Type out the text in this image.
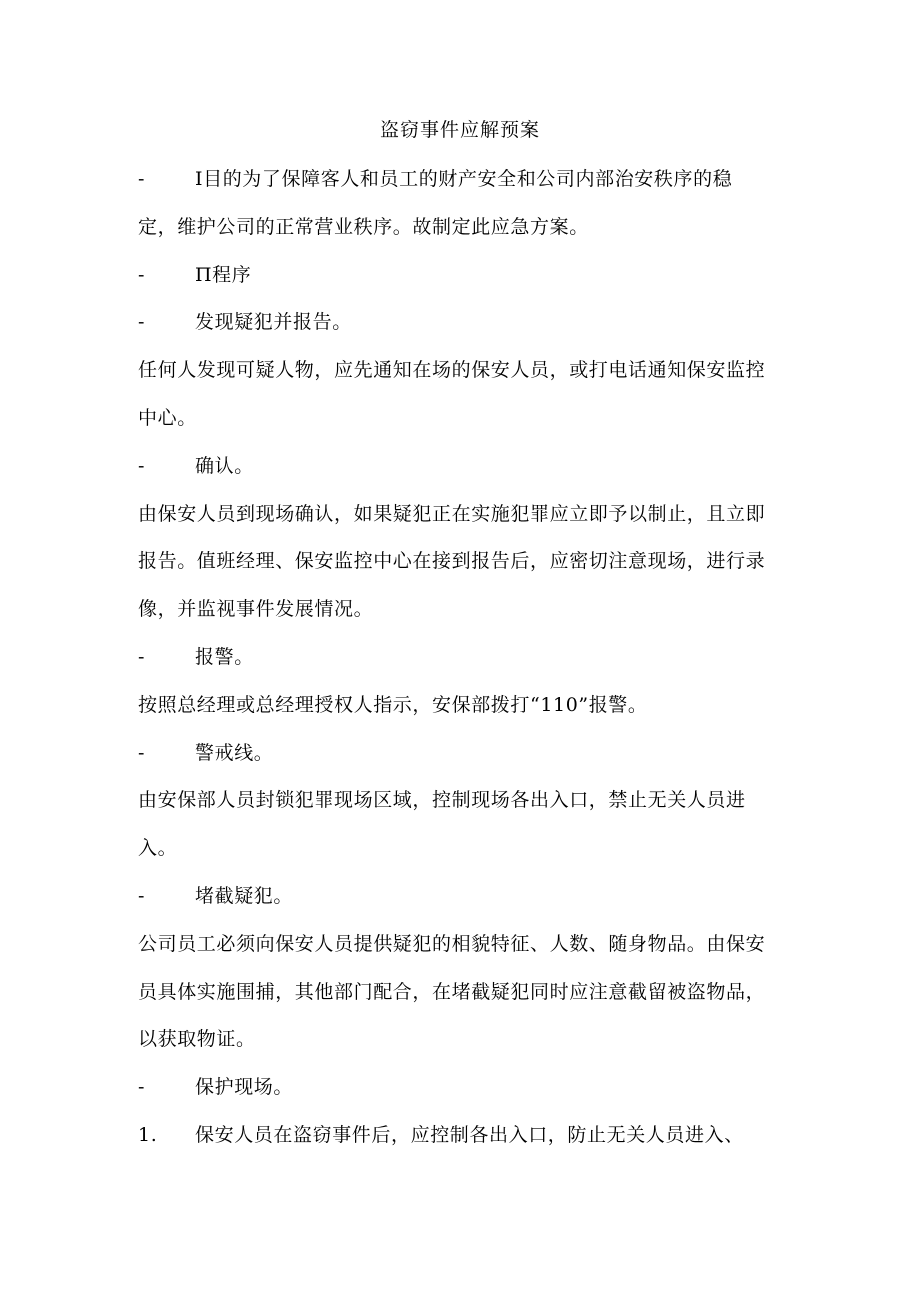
盗窃事件应解预案
-	I目的为了保障客人和员工的财产安全和公司内部治安秩序的稳
定，维护公司的正常营业秩序。故制定此应急方案。
-	Π程序
-	发现疑犯并报告。
任何人发现可疑人物，应先通知在场的保安人员，或打电话通知保安监控
中心。
-	确认。
由保安人员到现场确认，如果疑犯正在实施犯罪应立即予以制止，且立即
报告。值班经理、保安监控中心在接到报告后，应密切注意现场，进行录
像，并监视事件发展情况。
-	报警。
按照总经理或总经理授权人指示，安保部拨打“110”报警。
-	警戒线。
由安保部人员封锁犯罪现场区域，控制现场各出入口，禁止无关人员进
入。
-	堵截疑犯。
公司员工必须向保安人员提供疑犯的相貌特征、人数、随身物品。由保安
员具体实施围捕，其他部门配合，在堵截疑犯同时应注意截留被盗物品，
以获取物证。
-	保护现场。
1. 保安人员在盗窃事件后，应控制各出入口，防止无关人员进入、
